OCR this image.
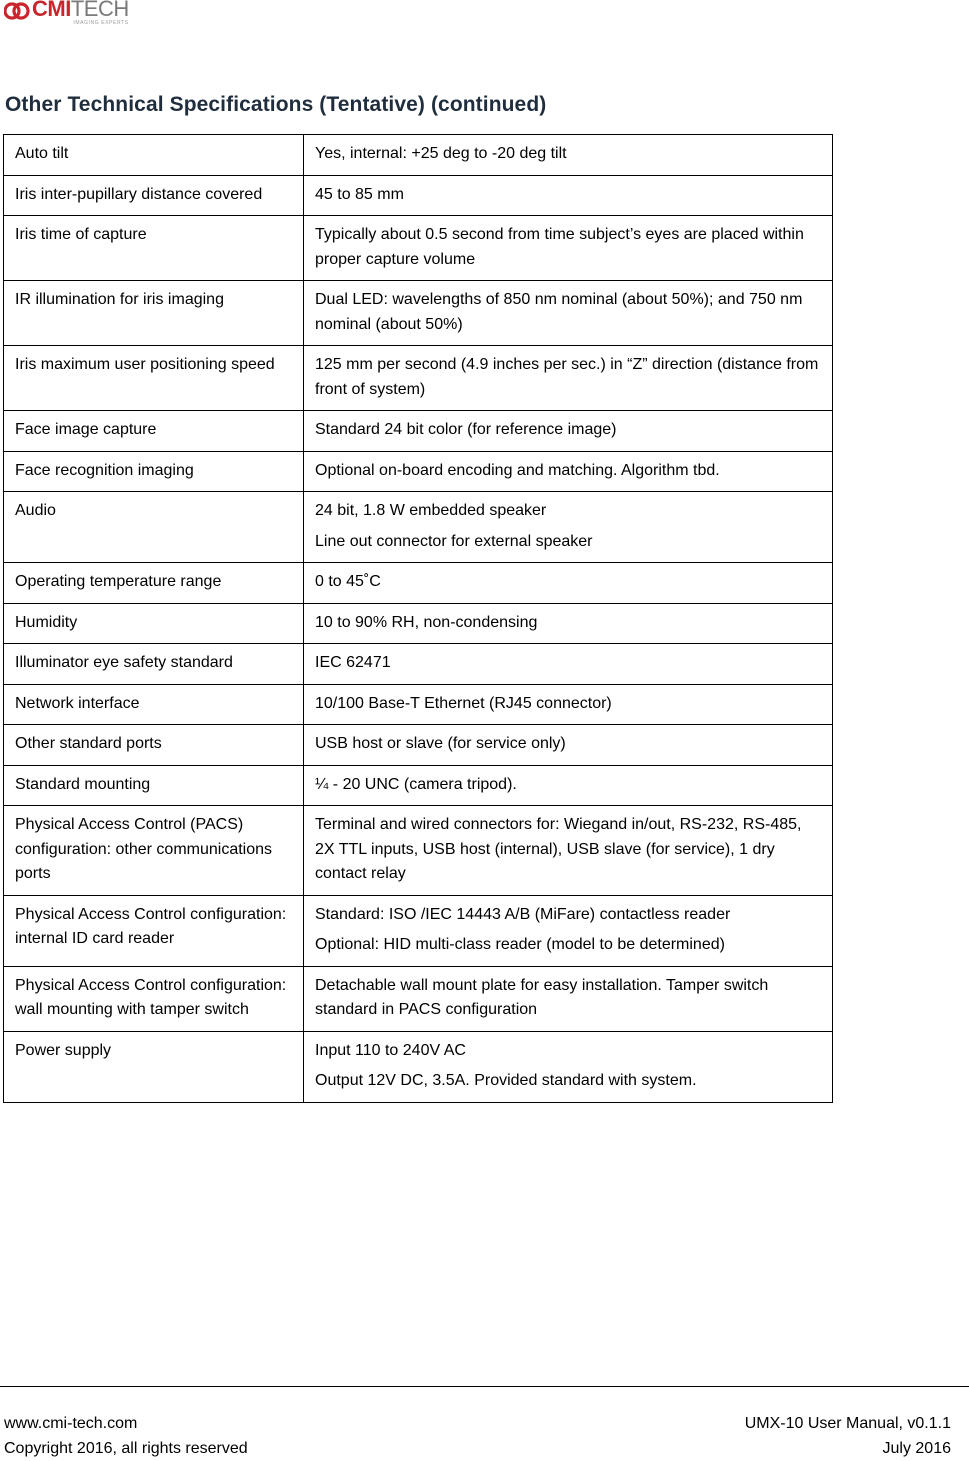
CMITECH
IMAGING EXPERTS
Other Technical Specifications (Tentative) (continued)
Auto tilt	Yes, internal: +25 deg to -20 deg tilt

Iris inter-pupillary distance covered	45 to 85 mm

Iris time of capture	Typically about 0.5 second from time subject’s eyes are placed within proper capture volume

IR illumination for iris imaging	Dual LED: wavelengths of 850 nm nominal (about 50%); and 750 nm nominal (about 50%)

Iris maximum user positioning speed	125 mm per second (4.9 inches per sec.) in “Z” direction (distance from front of system)

Face image capture	Standard 24 bit color (for reference image)

Face recognition imaging	Optional on-board encoding and matching. Algorithm tbd.

Audio	24 bit, 1.8 W embedded speaker
Line out connector for external speaker

Operating temperature range	0 to 45˚C

Humidity	10 to 90% RH, non-condensing

Illuminator eye safety standard	IEC 62471

Network interface	10/100 Base-T Ethernet (RJ45 connector)

Other standard ports	USB host or slave (for service only)

Standard mounting	¼ - 20 UNC (camera tripod).

Physical Access Control (PACS) configuration: other communications ports	Terminal and wired connectors for: Wiegand in/out, RS-232, RS-485, 2X TTL inputs, USB host (internal), USB slave (for service), 1 dry contact relay

Physical Access Control configuration: internal ID card reader	Standard: ISO /IEC 14443 A/B (MiFare) contactless reader
Optional: HID multi-class reader (model to be determined)

Physical Access Control configuration: wall mounting with tamper switch	Detachable wall mount plate for easy installation. Tamper switch standard in PACS configuration

Power supply	Input 110 to 240V AC
Output 12V DC, 3.5A. Provided standard with system.
www.cmi-tech.com
Copyright 2016, all rights reserved
UMX-10 User Manual, v0.1.1
July 2016
